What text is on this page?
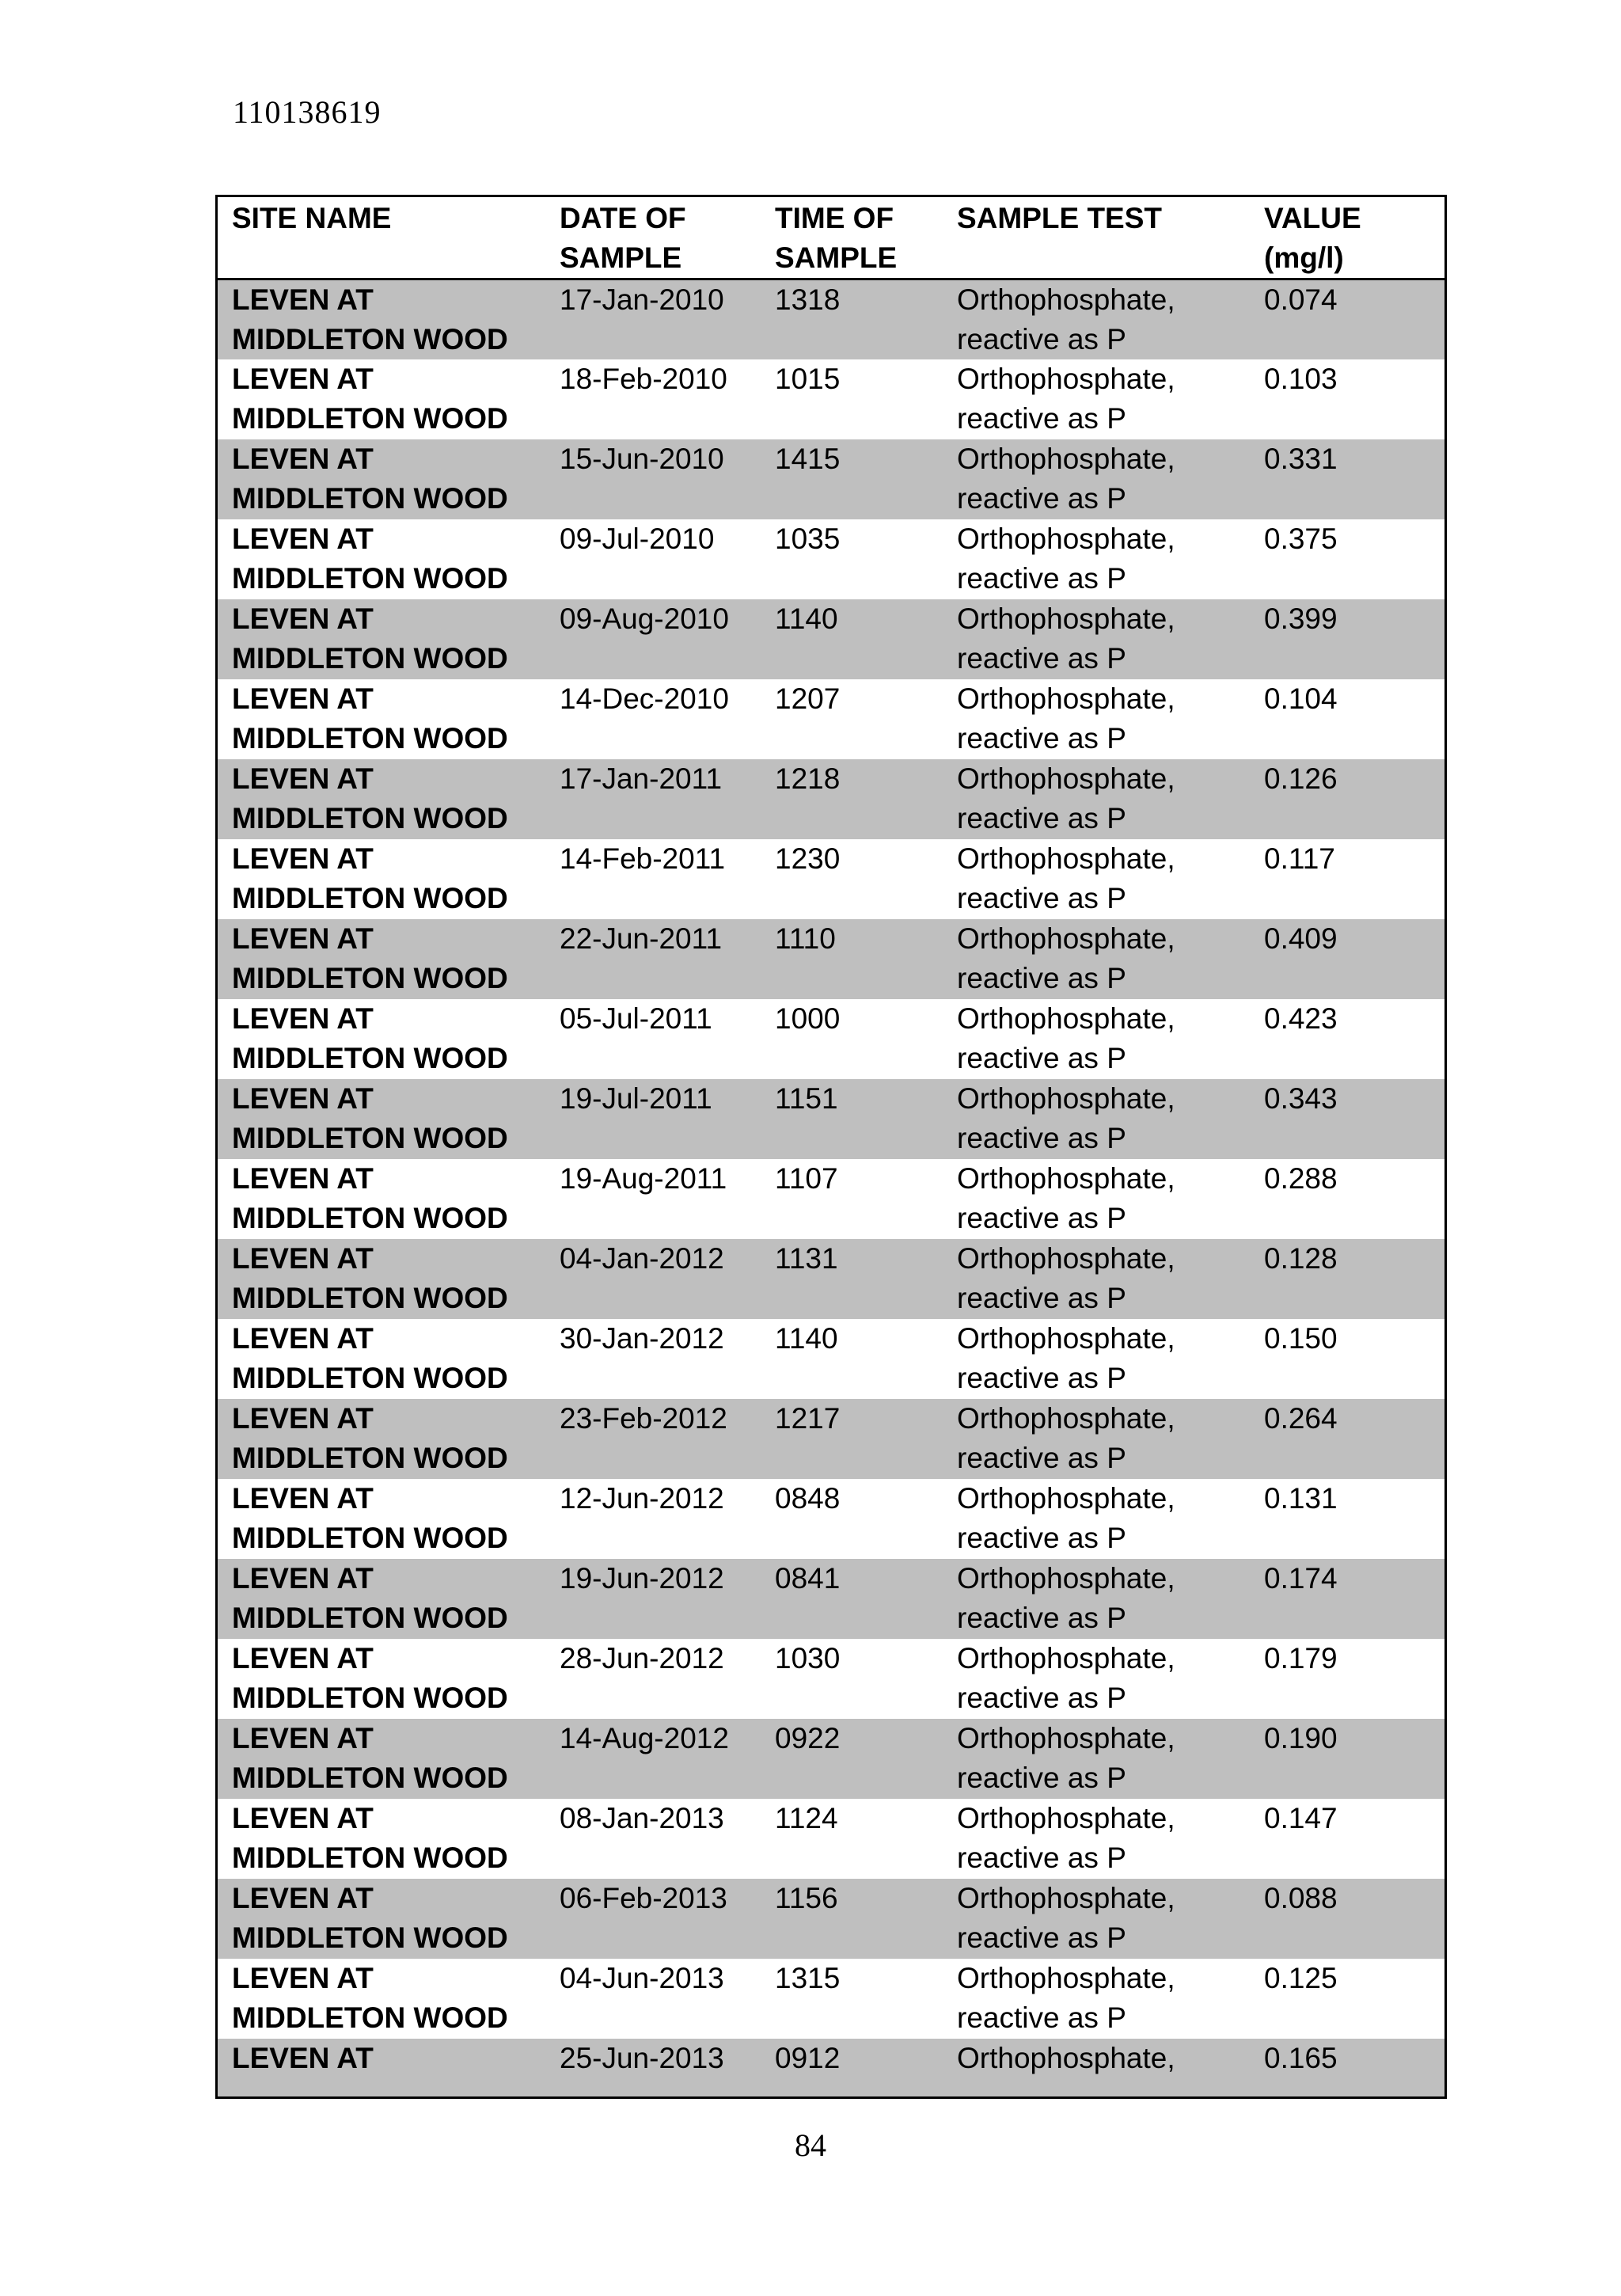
110138619
SITE NAME	DATE OF SAMPLE	TIME OF SAMPLE	SAMPLE TEST	VALUE (mg/l)
LEVEN AT MIDDLETON WOOD	17-Jan-2010	1318	Orthophosphate, reactive as P	0.074
LEVEN AT MIDDLETON WOOD	18-Feb-2010	1015	Orthophosphate, reactive as P	0.103
LEVEN AT MIDDLETON WOOD	15-Jun-2010	1415	Orthophosphate, reactive as P	0.331
LEVEN AT MIDDLETON WOOD	09-Jul-2010	1035	Orthophosphate, reactive as P	0.375
LEVEN AT MIDDLETON WOOD	09-Aug-2010	1140	Orthophosphate, reactive as P	0.399
LEVEN AT MIDDLETON WOOD	14-Dec-2010	1207	Orthophosphate, reactive as P	0.104
LEVEN AT MIDDLETON WOOD	17-Jan-2011	1218	Orthophosphate, reactive as P	0.126
LEVEN AT MIDDLETON WOOD	14-Feb-2011	1230	Orthophosphate, reactive as P	0.117
LEVEN AT MIDDLETON WOOD	22-Jun-2011	1110	Orthophosphate, reactive as P	0.409
LEVEN AT MIDDLETON WOOD	05-Jul-2011	1000	Orthophosphate, reactive as P	0.423
LEVEN AT MIDDLETON WOOD	19-Jul-2011	1151	Orthophosphate, reactive as P	0.343
LEVEN AT MIDDLETON WOOD	19-Aug-2011	1107	Orthophosphate, reactive as P	0.288
LEVEN AT MIDDLETON WOOD	04-Jan-2012	1131	Orthophosphate, reactive as P	0.128
LEVEN AT MIDDLETON WOOD	30-Jan-2012	1140	Orthophosphate, reactive as P	0.150
LEVEN AT MIDDLETON WOOD	23-Feb-2012	1217	Orthophosphate, reactive as P	0.264
LEVEN AT MIDDLETON WOOD	12-Jun-2012	0848	Orthophosphate, reactive as P	0.131
LEVEN AT MIDDLETON WOOD	19-Jun-2012	0841	Orthophosphate, reactive as P	0.174
LEVEN AT MIDDLETON WOOD	28-Jun-2012	1030	Orthophosphate, reactive as P	0.179
LEVEN AT MIDDLETON WOOD	14-Aug-2012	0922	Orthophosphate, reactive as P	0.190
LEVEN AT MIDDLETON WOOD	08-Jan-2013	1124	Orthophosphate, reactive as P	0.147
LEVEN AT MIDDLETON WOOD	06-Feb-2013	1156	Orthophosphate, reactive as P	0.088
LEVEN AT MIDDLETON WOOD	04-Jun-2013	1315	Orthophosphate, reactive as P	0.125
LEVEN AT	25-Jun-2013	0912	Orthophosphate,	0.165
84
